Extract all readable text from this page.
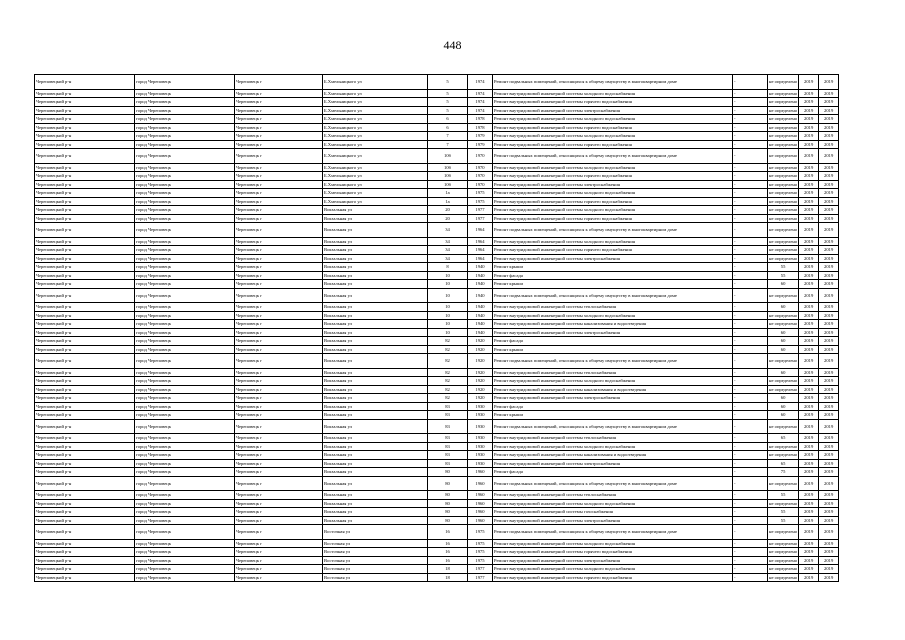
448
Череповецкий р-н	город Череповецк	Череповецк г	Б.Хмельницкого ул	5	1974	Ремонт подвальных помещений, относящихся к общему имуществу в многоквартирном доме	-	не определено	2019	2019
Череповецкий р-н	город Череповецк	Череповецк г	Б.Хмельницкого ул	5	1974	Ремонт внутридомовой инженерной системы холодного водоснабжения	-	не определено	2019	2019
Череповецкий р-н	город Череповецк	Череповецк г	Б.Хмельницкого ул	5	1974	Ремонт внутридомовой инженерной системы горячего водоснабжения	-	не определено	2019	2019
Череповецкий р-н	город Череповецк	Череповецк г	Б.Хмельницкого ул	5	1974	Ремонт внутридомовой инженерной системы электроснабжения	-	не определено	2019	2019
Череповецкий р-н	город Череповецк	Череповецк г	Б.Хмельницкого ул	6	1978	Ремонт внутридомовой инженерной системы холодного водоснабжения	-	не определено	2019	2019
Череповецкий р-н	город Череповецк	Череповецк г	Б.Хмельницкого ул	6	1978	Ремонт внутридомовой инженерной системы горячего водоснабжения	-	не определено	2019	2019
Череповецкий р-н	город Череповецк	Череповецк г	Б.Хмельницкого ул	7	1979	Ремонт внутридомовой инженерной системы холодного водоснабжения	-	не определено	2019	2019
Череповецкий р-н	город Череповецк	Череповецк г	Б.Хмельницкого ул	7	1979	Ремонт внутридомовой инженерной системы горячего водоснабжения	-	не определено	2019	2019
Череповецкий р-н	город Череповецк	Череповецк г	Б.Хмельницкого ул	10б	1970	Ремонт подвальных помещений, относящихся к общему имуществу в многоквартирном доме	-	не определено	2019	2019
Череповецкий р-н	город Череповецк	Череповецк г	Б.Хмельницкого ул	10б	1970	Ремонт внутридомовой инженерной системы холодного водоснабжения	-	не определено	2019	2019
Череповецкий р-н	город Череповецк	Череповецк г	Б.Хмельницкого ул	10б	1970	Ремонт внутридомовой инженерной системы горячего водоснабжения	-	не определено	2019	2019
Череповецкий р-н	город Череповецк	Череповецк г	Б.Хмельницкого ул	10б	1970	Ремонт внутридомовой инженерной системы электроснабжения	-	не определено	2019	2019
Череповецкий р-н	город Череповецк	Череповецк г	Б.Хмельницкого ул	1а	1975	Ремонт внутридомовой инженерной системы холодного водоснабжения	-	не определено	2019	2019
Череповецкий р-н	город Череповецк	Череповецк г	Б.Хмельницкого ул	1а	1975	Ремонт внутридомовой инженерной системы горячего водоснабжения	-	не определено	2019	2019
Череповецкий р-н	город Череповецк	Череповецк г	Вокзальная ул	20	1977	Ремонт внутридомовой инженерной системы холодного водоснабжения	-	не определено	2019	2019
Череповецкий р-н	город Череповецк	Череповецк г	Вокзальная ул	20	1977	Ремонт внутридомовой инженерной системы горячего водоснабжения	-	не определено	2019	2019
Череповецкий р-н	город Череповецк	Череповецк г	Вокзальная ул	34	1964	Ремонт подвальных помещений, относящихся к общему имуществу в многоквартирном доме	-	не определено	2019	2019
Череповецкий р-н	город Череповецк	Череповецк г	Вокзальная ул	34	1964	Ремонт внутридомовой инженерной системы холодного водоснабжения	-	не определено	2019	2019
Череповецкий р-н	город Череповецк	Череповецк г	Вокзальная ул	34	1964	Ремонт внутридомовой инженерной системы горячего водоснабжения	-	не определено	2019	2019
Череповецкий р-н	город Череповецк	Череповецк г	Вокзальная ул	34	1964	Ремонт внутридомовой инженерной системы электроснабжения	-	не определено	2019	2019
Череповецкий р-н	город Череповецк	Череповецк г	Вокзальная ул	8	1940	Ремонт крыши	-	55	2019	2019
Череповецкий р-н	город Череповецк	Череповецк г	Вокзальная ул	10	1940	Ремонт фасада	-	55	2019	2019
Череповецкий р-н	город Череповецк	Череповецк г	Вокзальная ул	10	1940	Ремонт крыши	-	60	2019	2019
Череповецкий р-н	город Череповецк	Череповецк г	Вокзальная ул	10	1940	Ремонт подвальных помещений, относящихся к общему имуществу в многоквартирном доме	-	не определено	2019	2019
Череповецкий р-н	город Череповецк	Череповецк г	Вокзальная ул	10	1940	Ремонт внутридомовой инженерной системы теплоснабжения	-	60	2019	2019
Череповецкий р-н	город Череповецк	Череповецк г	Вокзальная ул	10	1940	Ремонт внутридомовой инженерной системы холодного водоснабжения	-	не определено	2019	2019
Череповецкий р-н	город Череповецк	Череповецк г	Вокзальная ул	10	1940	Ремонт внутридомовой инженерной системы канализования и водоотведения	-	не определено	2019	2019
Череповецкий р-н	город Череповецк	Череповецк г	Вокзальная ул	10	1940	Ремонт внутридомовой инженерной системы электроснабжения	-	60	2019	2019
Череповецкий р-н	город Череповецк	Череповецк г	Вокзальная ул	82	1920	Ремонт фасада	-	60	2019	2019
Череповецкий р-н	город Череповецк	Череповецк г	Вокзальная ул	82	1920	Ремонт крыши	-	60	2019	2019
Череповецкий р-н	город Череповецк	Череповецк г	Вокзальная ул	82	1920	Ремонт подвальных помещений, относящихся к общему имуществу в многоквартирном доме	-	не определено	2019	2019
Череповецкий р-н	город Череповецк	Череповецк г	Вокзальная ул	82	1920	Ремонт внутридомовой инженерной системы теплоснабжения	-	60	2019	2019
Череповецкий р-н	город Череповецк	Череповецк г	Вокзальная ул	82	1920	Ремонт внутридомовой инженерной системы холодного водоснабжения	-	не определено	2019	2019
Череповецкий р-н	город Череповецк	Череповецк г	Вокзальная ул	82	1920	Ремонт внутридомовой инженерной системы канализования и водоотведения	-	не определено	2019	2019
Череповецкий р-н	город Череповецк	Череповецк г	Вокзальная ул	82	1920	Ремонт внутридомовой инженерной системы электроснабжения	-	60	2019	2019
Череповецкий р-н	город Череповецк	Череповецк г	Вокзальная ул	83	1930	Ремонт фасада	-	60	2019	2019
Череповецкий р-н	город Череповецк	Череповецк г	Вокзальная ул	83	1930	Ремонт крыши	-	60	2019	2019
Череповецкий р-н	город Череповецк	Череповецк г	Вокзальная ул	83	1930	Ремонт подвальных помещений, относящихся к общему имуществу в многоквартирном доме	-	не определено	2019	2019
Череповецкий р-н	город Череповецк	Череповецк г	Вокзальная ул	83	1930	Ремонт внутридомовой инженерной системы теплоснабжения	-	65	2019	2019
Череповецкий р-н	город Череповецк	Череповецк г	Вокзальная ул	83	1930	Ремонт внутридомовой инженерной системы холодного водоснабжения	-	не определено	2019	2019
Череповецкий р-н	город Череповецк	Череповецк г	Вокзальная ул	83	1930	Ремонт внутридомовой инженерной системы канализования и водоотведения	-	не определено	2019	2019
Череповецкий р-н	город Череповецк	Череповецк г	Вокзальная ул	83	1930	Ремонт внутридомовой инженерной системы электроснабжения	-	65	2019	2019
Череповецкий р-н	город Череповецк	Череповецк г	Вокзальная ул	80	1960	Ремонт фасада	-	75	2019	2019
Череповецкий р-н	город Череповецк	Череповецк г	Вокзальная ул	80	1960	Ремонт подвальных помещений, относящихся к общему имуществу в многоквартирном доме	-	не определено	2019	2019
Череповецкий р-н	город Череповецк	Череповецк г	Вокзальная ул	80	1960	Ремонт внутридомовой инженерной системы теплоснабжения	-	55	2019	2019
Череповецкий р-н	город Череповецк	Череповецк г	Вокзальная ул	80	1960	Ремонт внутридомовой инженерной системы холодного водоснабжения	-	не определено	2019	2019
Череповецкий р-н	город Череповецк	Череповецк г	Вокзальная ул	80	1960	Ремонт внутридомовой инженерной системы газоснабжения	-	55	2019	2019
Череповецкий р-н	город Череповецк	Череповецк г	Вокзальная ул	80	1960	Ремонт внутридомовой инженерной системы электроснабжения	-	55	2019	2019
Череповецкий р-н	город Череповецк	Череповецк г	Восточная ул	16	1975	Ремонт подвальных помещений, относящихся к общему имуществу в многоквартирном доме	-	не определено	2019	2019
Череповецкий р-н	город Череповецк	Череповецк г	Восточная ул	16	1975	Ремонт внутридомовой инженерной системы холодного водоснабжения	-	не определено	2019	2019
Череповецкий р-н	город Череповецк	Череповецк г	Восточная ул	16	1975	Ремонт внутридомовой инженерной системы горячего водоснабжения	-	не определено	2019	2019
Череповецкий р-н	город Череповецк	Череповецк г	Восточная ул	16	1975	Ремонт внутридомовой инженерной системы электроснабжения	-	не определено	2019	2019
Череповецкий р-н	город Череповецк	Череповецк г	Восточная ул	18	1977	Ремонт внутридомовой инженерной системы холодного водоснабжения	-	не определено	2019	2019
Череповецкий р-н	город Череповецк	Череповецк г	Восточная ул	18	1977	Ремонт внутридомовой инженерной системы горячего водоснабжения	-	не определено	2019	2019
